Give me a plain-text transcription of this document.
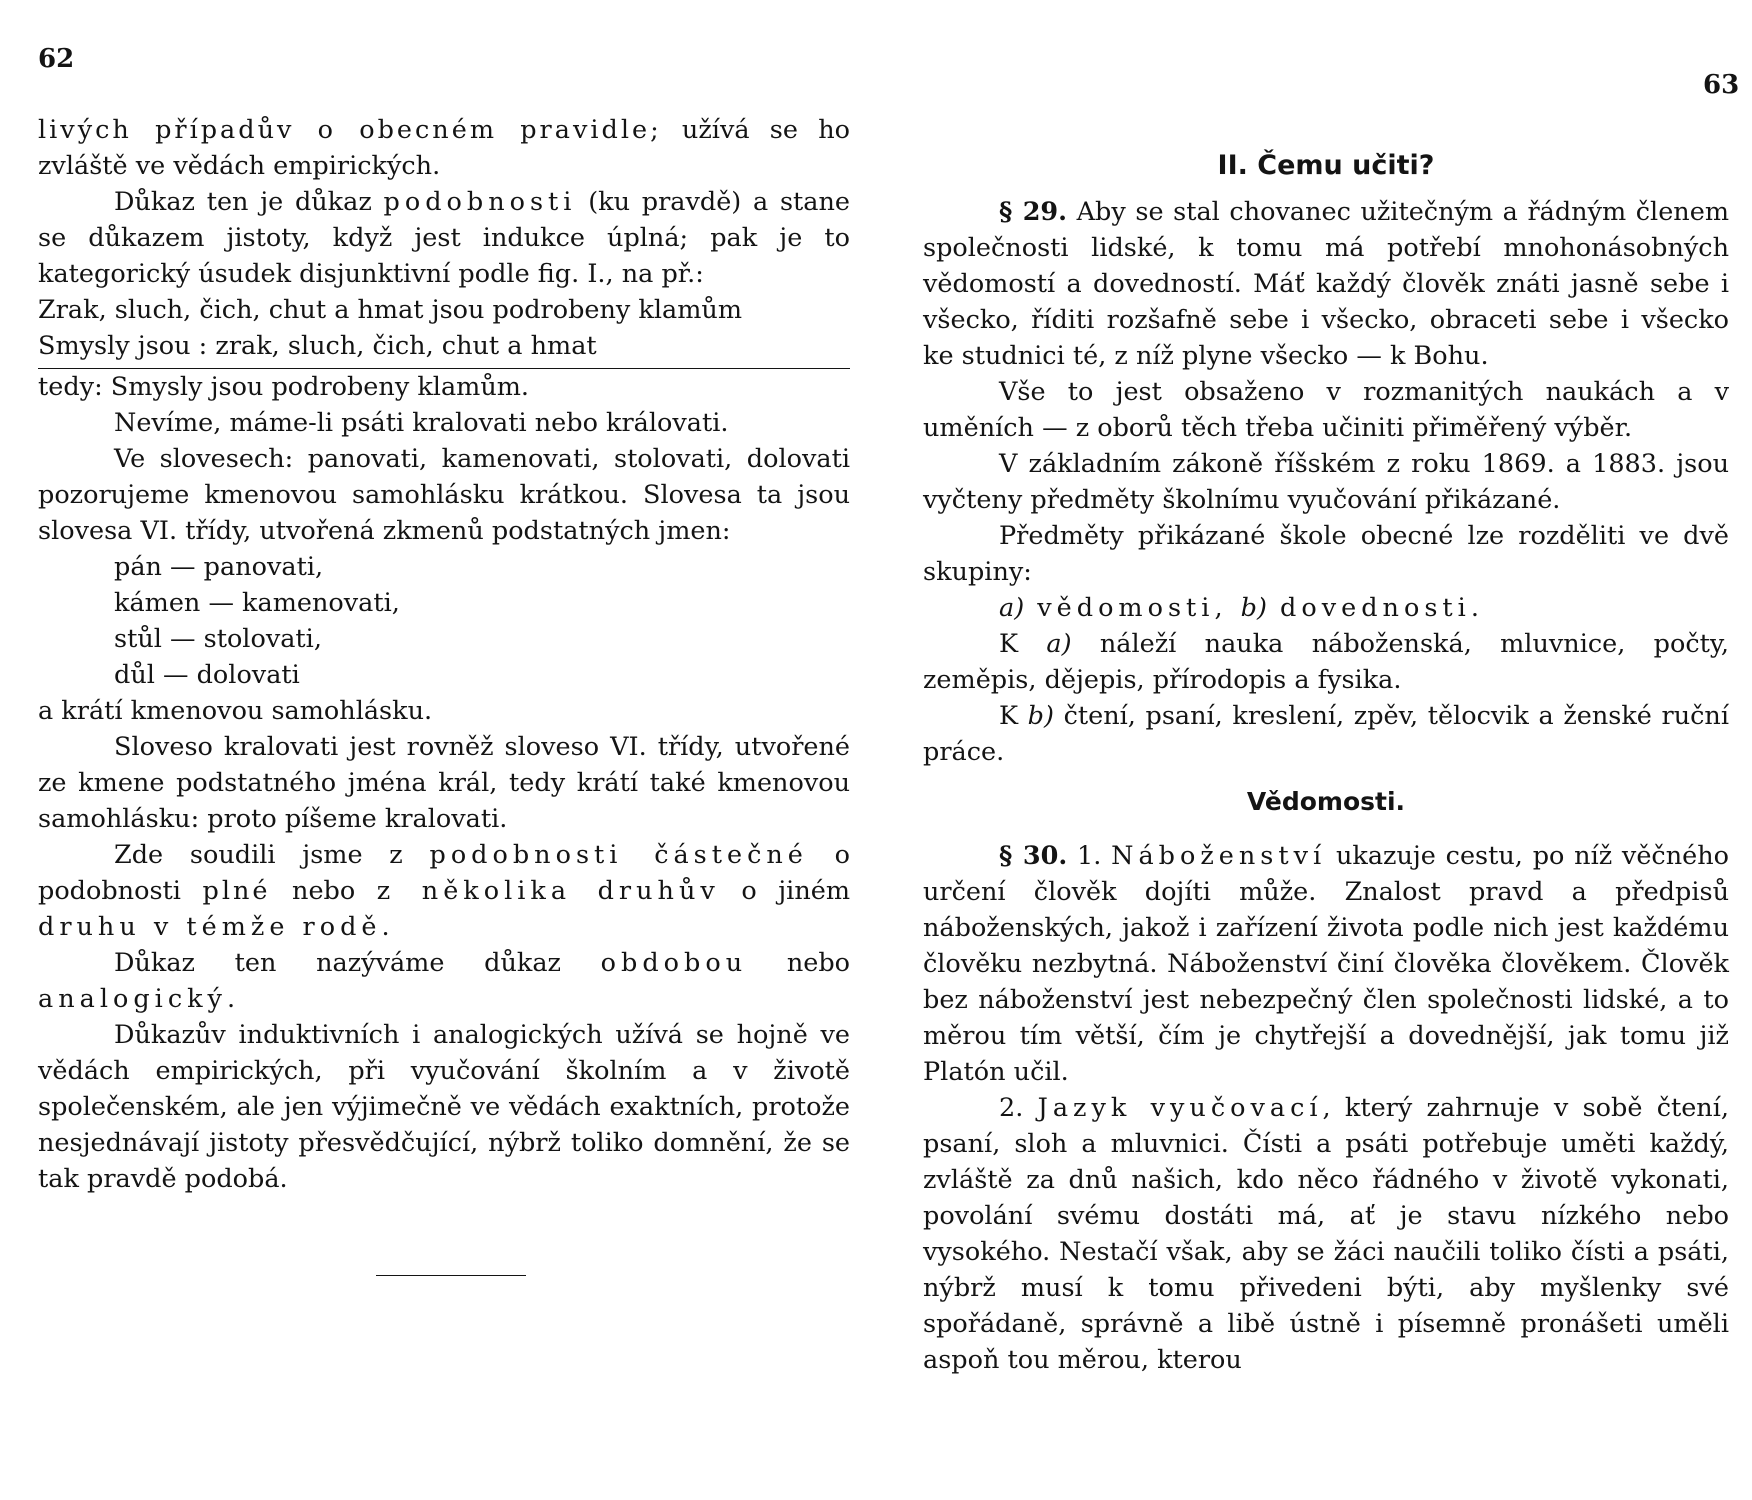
62
63

livých případův o obecném pravidle; užívá se ho zvláště ve vědách empirických.

Důkaz ten je důkaz podobnosti (ku pravdě) a stane se důkazem jistoty, když jest indukce úplná; pak je to kategorický úsudek disjunktivní podle fig. I., na př.:

Zrak, sluch, čich, chut a hmat jsou podrobeny klamům

Smysly jsou : zrak, sluch, čich, chut a hmat

tedy: Smysly jsou podrobeny klamům.

Nevíme, máme-li psáti kralovati nebo královati.

Ve slovesech: panovati, kamenovati, stolovati, dolovati pozorujeme kmenovou samohlásku krátkou. Slovesa ta jsou slovesa VI. třídy, utvořená zkmenů podstatných jmen:

pán — panovati,

kámen — kamenovati,

stůl — stolovati,

důl — dolovati

a krátí kmenovou samohlásku.

Sloveso kralovati jest rovněž sloveso VI. třídy, utvořené ze kmene podstatného jména král, tedy krátí také kmenovou samohlásku: proto píšeme kralovati.

Zde soudili jsme z podobnosti částečné o podobnosti plné nebo z několika druhův o jiném druhu v témže rodě.

Důkaz ten nazýváme důkaz obdobou nebo analogický.

Důkazův induktivních i analogických užívá se hojně ve vědách empirických, při vyučování školním a v životě společenském, ale jen výjimečně ve vědách exaktních, protože nesjednávají jistoty přesvědčující, nýbrž toliko domnění, že se tak pravdě podobá.

II. Čemu učiti?

§ 29. Aby se stal chovanec užitečným a řádným členem společnosti lidské, k tomu má potřebí mnohonásobných vědomostí a dovedností. Máť každý člověk znáti jasně sebe i všecko, říditi rozšafně sebe i všecko, obraceti sebe i všecko ke studnici té, z níž plyne všecko — k Bohu.

Vše to jest obsaženo v rozmanitých naukách a v uměních — z oborů těch třeba učiniti přiměřený výběr.

V základním zákoně říšském z roku 1869. a 1883. jsou vyčteny předměty školnímu vyučování přikázané.

Předměty přikázané škole obecné lze rozděliti ve dvě skupiny:

a) vědomosti, b) dovednosti.

K a) náleží nauka náboženská, mluvnice, počty, zeměpis, dějepis, přírodopis a fysika.

K b) čtení, psaní, kreslení, zpěv, tělocvik a ženské ruční práce.

Vědomosti.

§ 30. 1. Náboženství ukazuje cestu, po níž věčného určení člověk dojíti může. Znalost pravd a předpisů náboženských, jakož i zařízení života podle nich jest každému člověku nezbytná. Náboženství činí člověka člověkem. Člověk bez náboženství jest nebezpečný člen společnosti lidské, a to měrou tím větší, čím je chytřejší a dovednější, jak tomu již Platón učil.

2. Jazyk vyučovací, který zahrnuje v sobě čtení, psaní, sloh a mluvnici. Čísti a psáti potřebuje uměti každý, zvláště za dnů našich, kdo něco řádného v životě vykonati, povolání svému dostáti má, ať je stavu nízkého nebo vysokého. Nestačí však, aby se žáci naučili toliko čísti a psáti, nýbrž musí k tomu přivedeni býti, aby myšlenky své spořádaně, správně a libě ústně i písemně pronášeti uměli aspoň tou měrou, kterou
